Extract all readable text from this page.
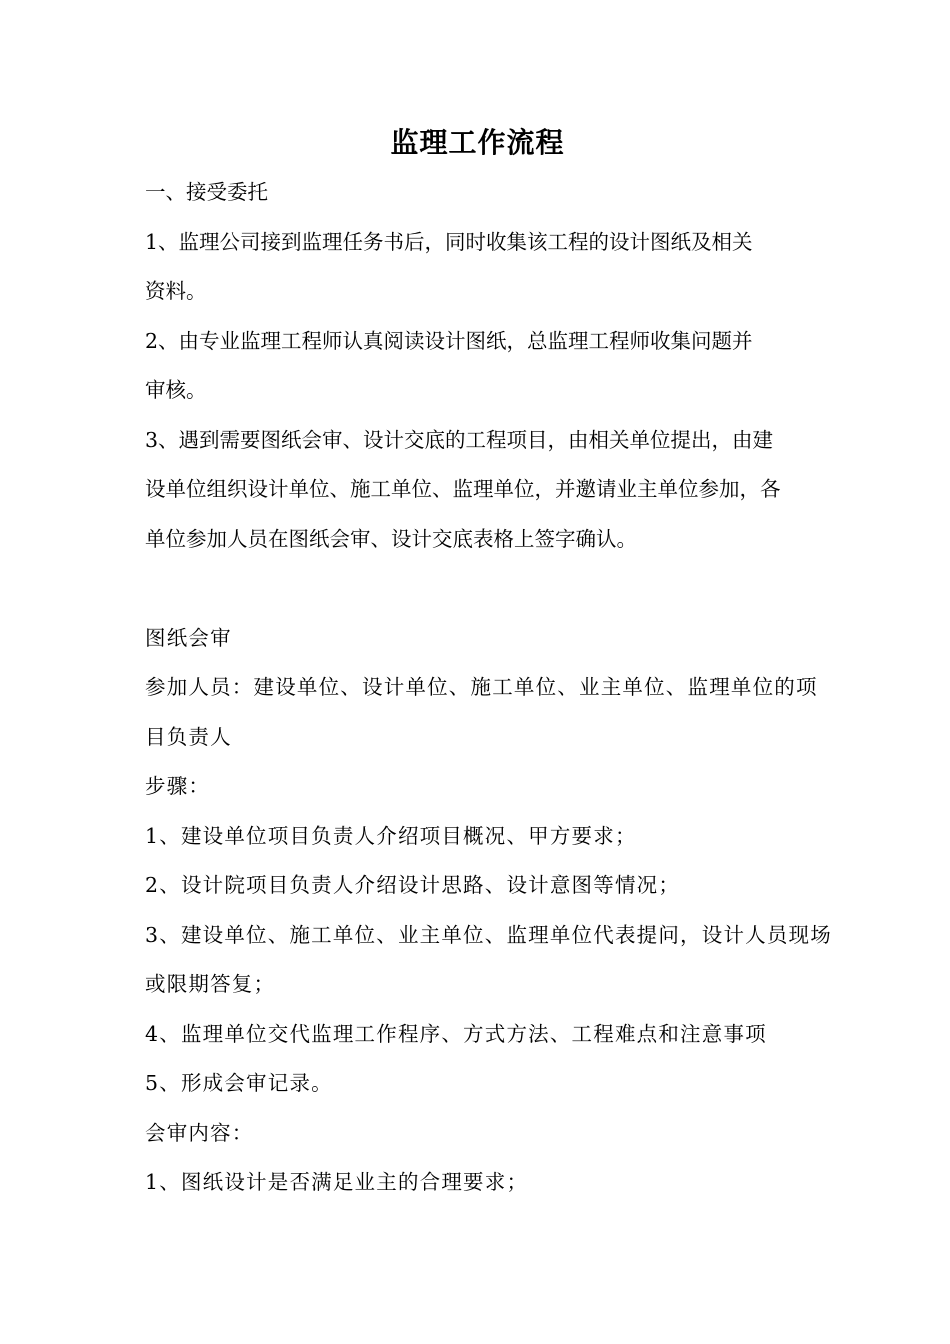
监理工作流程

一、接受委托

1、监理公司接到监理任务书后，同时收集该工程的设计图纸及相关

资料。

2、由专业监理工程师认真阅读设计图纸，总监理工程师收集问题并

审核。

3、遇到需要图纸会审、设计交底的工程项目，由相关单位提出，由建

设单位组织设计单位、施工单位、监理单位，并邀请业主单位参加，各

单位参加人员在图纸会审、设计交底表格上签字确认。

图纸会审

参加人员：建设单位、设计单位、施工单位、业主单位、监理单位的项

目负责人

步骤：

1、建设单位项目负责人介绍项目概况、甲方要求；

2、设计院项目负责人介绍设计思路、设计意图等情况；

3、建设单位、施工单位、业主单位、监理单位代表提问，设计人员现场

或限期答复；

4、监理单位交代监理工作程序、方式方法、工程难点和注意事项

5、形成会审记录。

会审内容：

1、图纸设计是否满足业主的合理要求；
